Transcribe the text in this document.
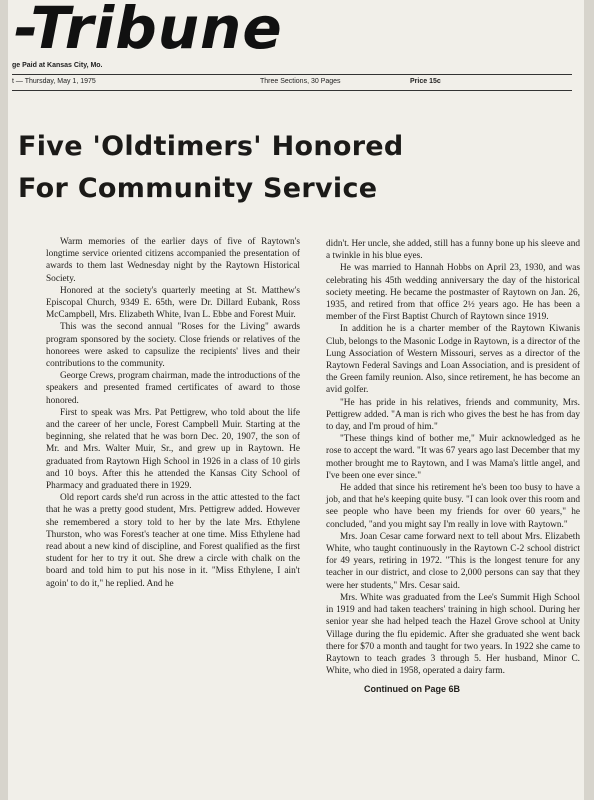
-Tribune
ge Paid at Kansas City, Mo.
t — Thursday, May 1, 1975	Three Sections, 30 Pages	Price 15c
Five 'Oldtimers' Honored
For Community Service

Warm memories of the earlier days of five of Raytown's longtime service oriented citizens accompanied the presentation of awards to them last Wednesday night by the Raytown Historical Society.

Honored at the society's quarterly meeting at St. Matthew's Episcopal Church, 9349 E. 65th, were Dr. Dillard Eubank, Ross McCampbell, Mrs. Elizabeth White, Ivan L. Ebbe and Forest Muir.

This was the second annual "Roses for the Living" awards program sponsored by the society. Close friends or relatives of the honorees were asked to capsulize the recipients' lives and their contributions to the community.

George Crews, program chairman, made the introductions of the speakers and presented framed certificates of award to those honored.

First to speak was Mrs. Pat Pettigrew, who told about the life and the career of her uncle, Forest Campbell Muir. Starting at the beginning, she related that he was born Dec. 20, 1907, the son of Mr. and Mrs. Walter Muir, Sr., and grew up in Raytown. He graduated from Raytown High School in 1926 in a class of 10 girls and 10 boys. After this he attended the Kansas City School of Pharmacy and graduated there in 1929.

Old report cards she'd run across in the attic attested to the fact that he was a pretty good student, Mrs. Pettigrew added. However she remembered a story told to her by the late Mrs. Ethylene Thurston, who was Forest's teacher at one time. Miss Ethylene had read about a new kind of discipline, and Forest qualified as the first student for her to try it out. She drew a circle with chalk on the board and told him to put his nose in it. "Miss Ethylene, I ain't agoin' to do it," he replied. And he

didn't. Her uncle, she added, still has a funny bone up his sleeve and a twinkle in his blue eyes.

He was married to Hannah Hobbs on April 23, 1930, and was celebrating his 45th wedding anniversary the day of the historical society meeting. He became the postmaster of Raytown on Jan. 26, 1935, and retired from that office 2½ years ago. He has been a member of the First Baptist Church of Raytown since 1919.

In addition he is a charter member of the Raytown Kiwanis Club, belongs to the Masonic Lodge in Raytown, is a director of the Lung Association of Western Missouri, serves as a director of the Raytown Federal Savings and Loan Association, and is president of the Green family reunion. Also, since retirement, he has become an avid golfer.

"He has pride in his relatives, friends and community, Mrs. Pettigrew added. "A man is rich who gives the best he has from day to day, and I'm proud of him."

"These things kind of bother me," Muir acknowledged as he rose to accept the ward. "It was 67 years ago last December that my mother brought me to Raytown, and I was Mama's little angel, and I've been one ever since."

He added that since his retirement he's been too busy to have a job, and that he's keeping quite busy. "I can look over this room and see people who have been my friends for over 60 years," he concluded, "and you might say I'm really in love with Raytown."

Mrs. Joan Cesar came forward next to tell about Mrs. Elizabeth White, who taught continuously in the Raytown C-2 school district for 49 years, retiring in 1972. "This is the longest tenure for any teacher in our district, and close to 2,000 persons can say that they were her students," Mrs. Cesar said.

Mrs. White was graduated from the Lee's Summit High School in 1919 and had taken teachers' training in high school. During her senior year she had helped teach the Hazel Grove school at Unity Village during the flu epidemic. After she graduated she went back there for $70 a month and taught for two years. In 1922 she came to Raytown to teach grades 3 through 5. Her husband, Minor C. White, who died in 1958, operated a dairy farm.

Continued on Page 6B
